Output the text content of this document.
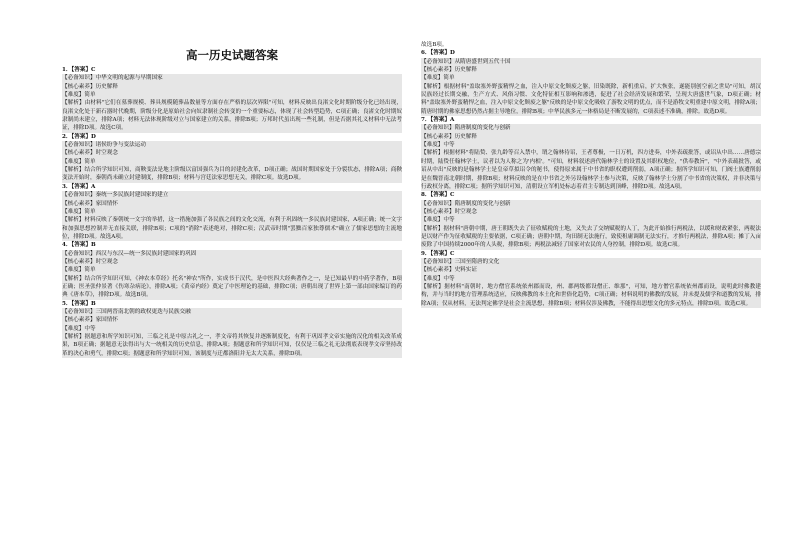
高一历史试题答案

1．【答案】C

【必备知识】中华文明的起源与早期国家

【核心素养】历史解释

【难度】简单

【解析】由材料"它们在墓葬规模、葬具规模随葬品数量等方面存在严格的层次界限"可知，材料反映出良渚文化时期阶级分化已经出现，良渚文化处于新石器时代晚期，阶级分化是原始社会向奴隶制社会转变的一个重要标志，体现了社会转型趋势，C项正确；良渚文化时期奴隶制尚未建立，排除A项；材料无法体现阶级对立与国家建立的关系，排除B项；万邦时代虽出现一些礼制，但是否据其礼义材料中无法考证，排除D项。故选C项。

2．【答案】D

【必备知识】诸侯纷争与变法运动

【核心素养】时空观念

【难度】简单

【解析】结合所学知识可知，商鞅变法是地主阶级以富国强兵为目的封建化改革，D项正确；战国时期国家处于分裂状态，排除A项；商鞅变法开始时，秦朝尚未确立封建制度，排除B项；材料与宫廷法家思想无关，排除C项。故选D项。

3．【答案】A

【必备知识】秦统一多民族封建国家的建立

【核心素养】家国情怀

【难度】简单

【解析】材料反映了秦朝统一文字的举措，这一措施加强了各民族之间的文化交流，有利于巩固统一多民族封建国家，A项正确；统一文字和加强思想控制并无直接关联，排除B项；C项的"消除"表述绝对，排除C项；汉武帝时期"罢黜百家独尊儒术"确立了儒家思想的主流地位，排除D项。故选A项。

4．【答案】B

【必备知识】西汉与东汉—统一多民族封建国家的巩固

【核心素养】时空观念

【难度】简单

【解析】结合所学知识可知，《神农本草经》托名"神农"所作，实成书于汉代，是中医四大经典著作之一，是已知最早的中药学著作，B项正确；医圣张仲景著《伤寒杂病论》，排除A项；《黄帝内经》奠定了中医理论的基础，排除C项；唐朝出现了世界上第一部由国家编订的药典《唐本草》，排除D项。故选B项。

5．【答案】B

【必备知识】三国两晋南北朝的政权更迭与民族交融

【核心素养】家国情怀

【难度】中等

【解析】据题意和所学知识可知，三临之礼是中原古礼之一，孝文帝将其恢复并逐渐制度化，有利于巩固孝文帝实施的汉化的相关改革成果，B项正确；据题意无法得出与大一统相关的历史信息，排除A项；据题意和所学知识可知，仅仅是三临之礼无法彻底表现孝文帝坚持改革的决心和勇气，排除C项；据题意和所学知识可知，该制度与迁都洛阳并无太大关系，排除D项。

故选B项。

6．【答案】D

【必备知识】从隋唐盛世到五代十国

【核心素养】历史解释

【难度】简单

【解析】根据材料"盖取塞外野蛮精悍之血，注入中原文化颓废之躯，旧染既除，新机重启，扩大恢张，遂能别创空前之世局"可知，胡汉民族经过长期交融，生产方式、风俗习惯、文化特征相互影响和渗透，促进了社会经济发展和繁荣，呈现大唐盛世气象，D项正确；材料"盖取塞外野蛮精悍之血，注入中原文化颓废之躯"反映的是中原文化吸收了游牧文明的优点，而不是游牧文明重建中原文明，排除A项；隋唐时期的佛家思想仍然占据主导地位，排除B项；中华民族多元一体格局是不断发展的，C项表述不准确，排除。故选D项。

7．【答案】A

【必备知识】隋唐制度的变化与创新

【核心素养】历史解释

【难度】中等

【解析】根据材料"将陆贽、张九龄等召入禁中，谓之翰林待诏，王者尊极，一日万机，四方进奏，中外表疏批答，或诏从中出……唐德宗时期，陆贽任翰林学士，议者以为人称之为'内相'。"可知，材料叙述唐代翰林学士的设置及其职权地位，"供奉教旨"，"中外表疏批答，或诏从中出"反映的是翰林学士是皇帝草拟诏令的秘书，使得原来属于中书省的职权遭到削弱，A项正确；据所学知识可知，门阀士族遭削弱是在魏晋南北朝时期，排除B项；材料反映的是在中书省之外另设翰林学士参与决策，反映了翰林学士分割了中书省的决策权，并非决策与行政权分离，排除C项；据所学知识可知，清朝设立军机处标志着君主专制达到顶峰，排除D项。故选A项。

8．【答案】C

【必备知识】隋唐制度的变化与创新

【核心素养】时空观念

【难度】中等

【解析】据材料"唐朝中期，唐王朝既失去了征收赋税的土地，又失去了交纳赋税的人丁，为此开始推行两税法，以缓和财政紧张，两税法是以财产作为征收赋税的主要依据，C项正确；唐朝中期，均田制无法施行，致使租庸调制无法实行，才推行两税法，排除A项；摊丁入亩废除了中国持续2000年的人头税，排除B项；两税法减轻了国家对农民的人身控制，排除D项。故选C项。

9．【答案】C

【必备知识】三国至隋唐的文化

【核心素养】史料实证

【难度】中等

【解析】据材料"南朝时，地方僧官系统依州郡而设，州、郡两级都设僧正、维那"，可知，地方僧官系统依州郡而设，说明此时佛教建构，并与当时的地方管理系统适应，反映佛教的本土化和世俗化趋势，C项正确；材料说明的佛教的发展，并未提及儒学和道教的发展，排除A项；仅从材料，无法判定佛学是社会主流思想，排除B项；材料仅涉及佛教，不能得出思想文化的多元特点，排除D项。故选C项。
